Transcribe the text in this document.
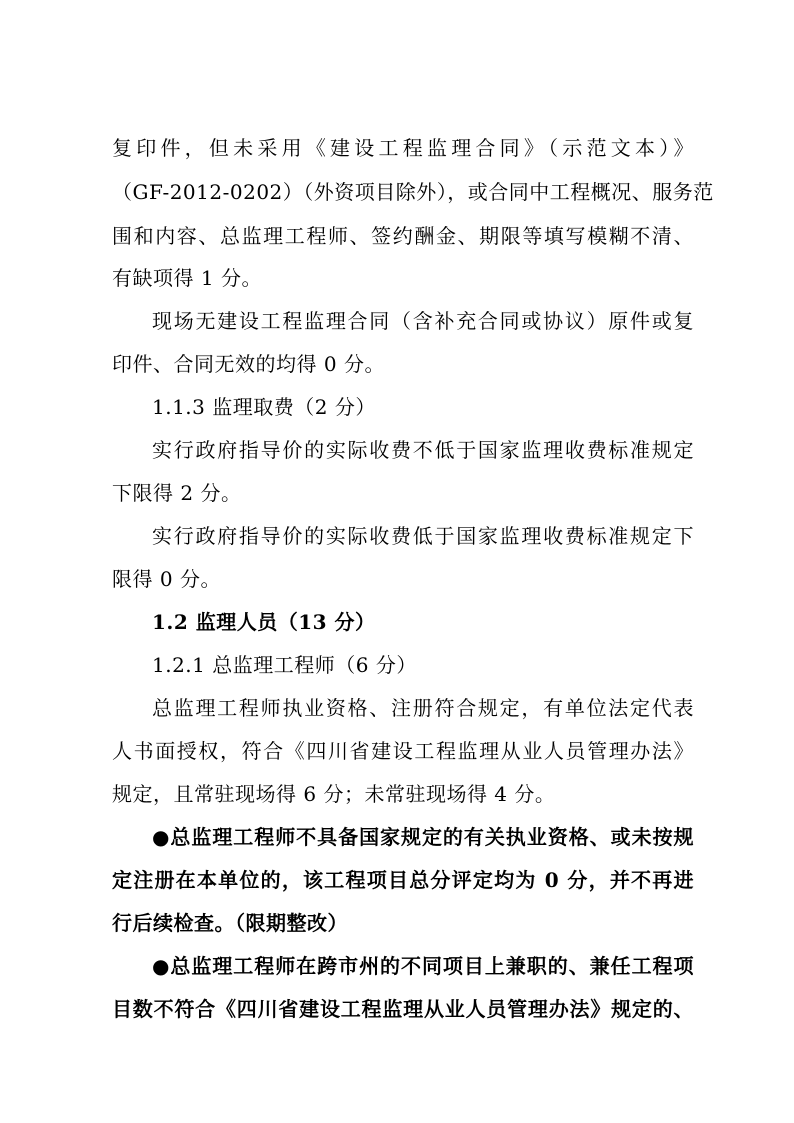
复印件，但未采用《建设工程监理合同》（示范文本）》
（GF-2012-0202）（外资项目除外），或合同中工程概况、服务范
围和内容、总监理工程师、签约酬金、期限等填写模糊不清、
有缺项得 1 分。
现场无建设工程监理合同（含补充合同或协议）原件或复
印件、合同无效的均得 0 分。
1.1.3 监理取费（2 分）
实行政府指导价的实际收费不低于国家监理收费标准规定
下限得 2 分。
实行政府指导价的实际收费低于国家监理收费标准规定下
限得 0 分。
1.2 监理人员（13 分）
1.2.1 总监理工程师（6 分）
总监理工程师执业资格、注册符合规定，有单位法定代表
人书面授权，符合《四川省建设工程监理从业人员管理办法》
规定，且常驻现场得 6 分；未常驻现场得 4 分。
●总监理工程师不具备国家规定的有关执业资格、或未按规
定注册在本单位的，该工程项目总分评定均为 0 分，并不再进
行后续检查。（限期整改）
●总监理工程师在跨市州的不同项目上兼职的、兼任工程项
目数不符合《四川省建设工程监理从业人员管理办法》规定的、
